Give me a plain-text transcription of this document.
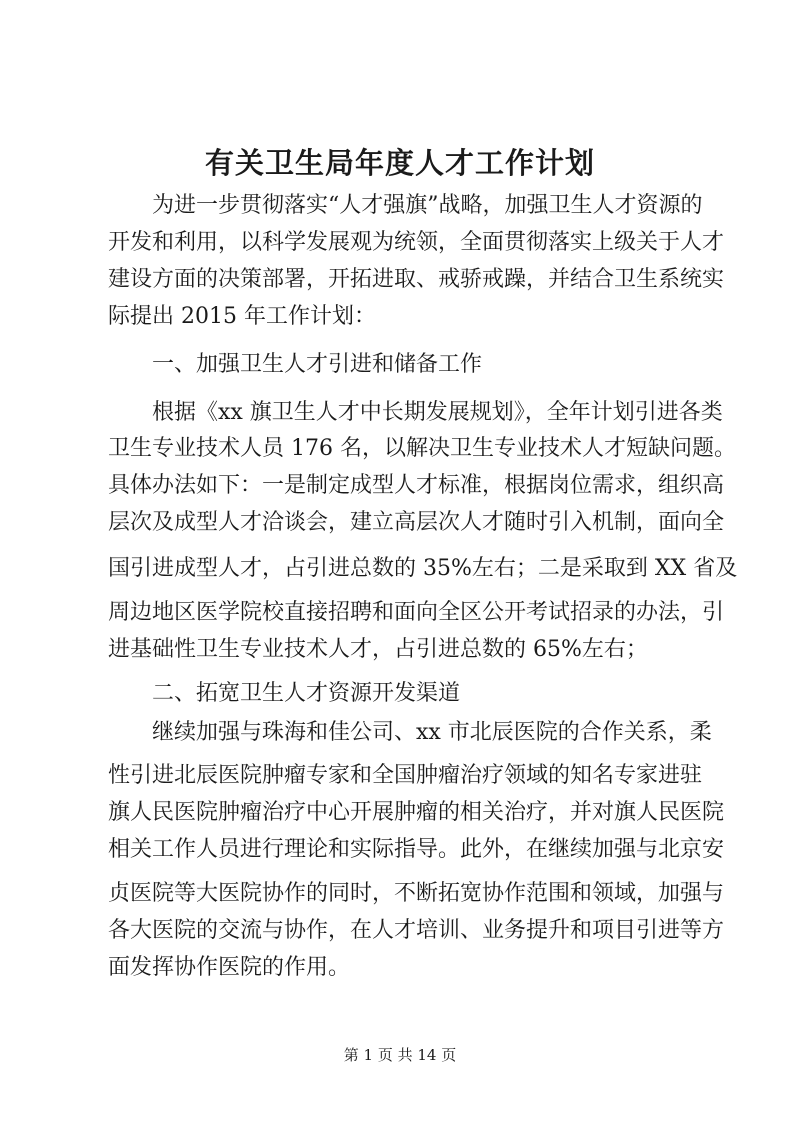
有关卫生局年度人才工作计划

为进一步贯彻落实“人才强旗”战略，加强卫生人才资源的

开发和利用，以科学发展观为统领，全面贯彻落实上级关于人才

建设方面的决策部署，开拓进取、戒骄戒躁，并结合卫生系统实

际提出 2015 年工作计划：

一、加强卫生人才引进和储备工作

根据《xx 旗卫生人才中长期发展规划》，全年计划引进各类

卫生专业技术人员 176 名，以解决卫生专业技术人才短缺问题。

具体办法如下：一是制定成型人才标准，根据岗位需求，组织高

层次及成型人才洽谈会，建立高层次人才随时引入机制，面向全

国引进成型人才，占引进总数的 35%左右；二是采取到 XX 省及

周边地区医学院校直接招聘和面向全区公开考试招录的办法，引

进基础性卫生专业技术人才，占引进总数的 65%左右；

二、拓宽卫生人才资源开发渠道

继续加强与珠海和佳公司、xx 市北辰医院的合作关系，柔

性引进北辰医院肿瘤专家和全国肿瘤治疗领域的知名专家进驻

旗人民医院肿瘤治疗中心开展肿瘤的相关治疗，并对旗人民医院

相关工作人员进行理论和实际指导。此外，在继续加强与北京安

贞医院等大医院协作的同时，不断拓宽协作范围和领域，加强与

各大医院的交流与协作，在人才培训、业务提升和项目引进等方

面发挥协作医院的作用。

第 1 页 共 14 页
